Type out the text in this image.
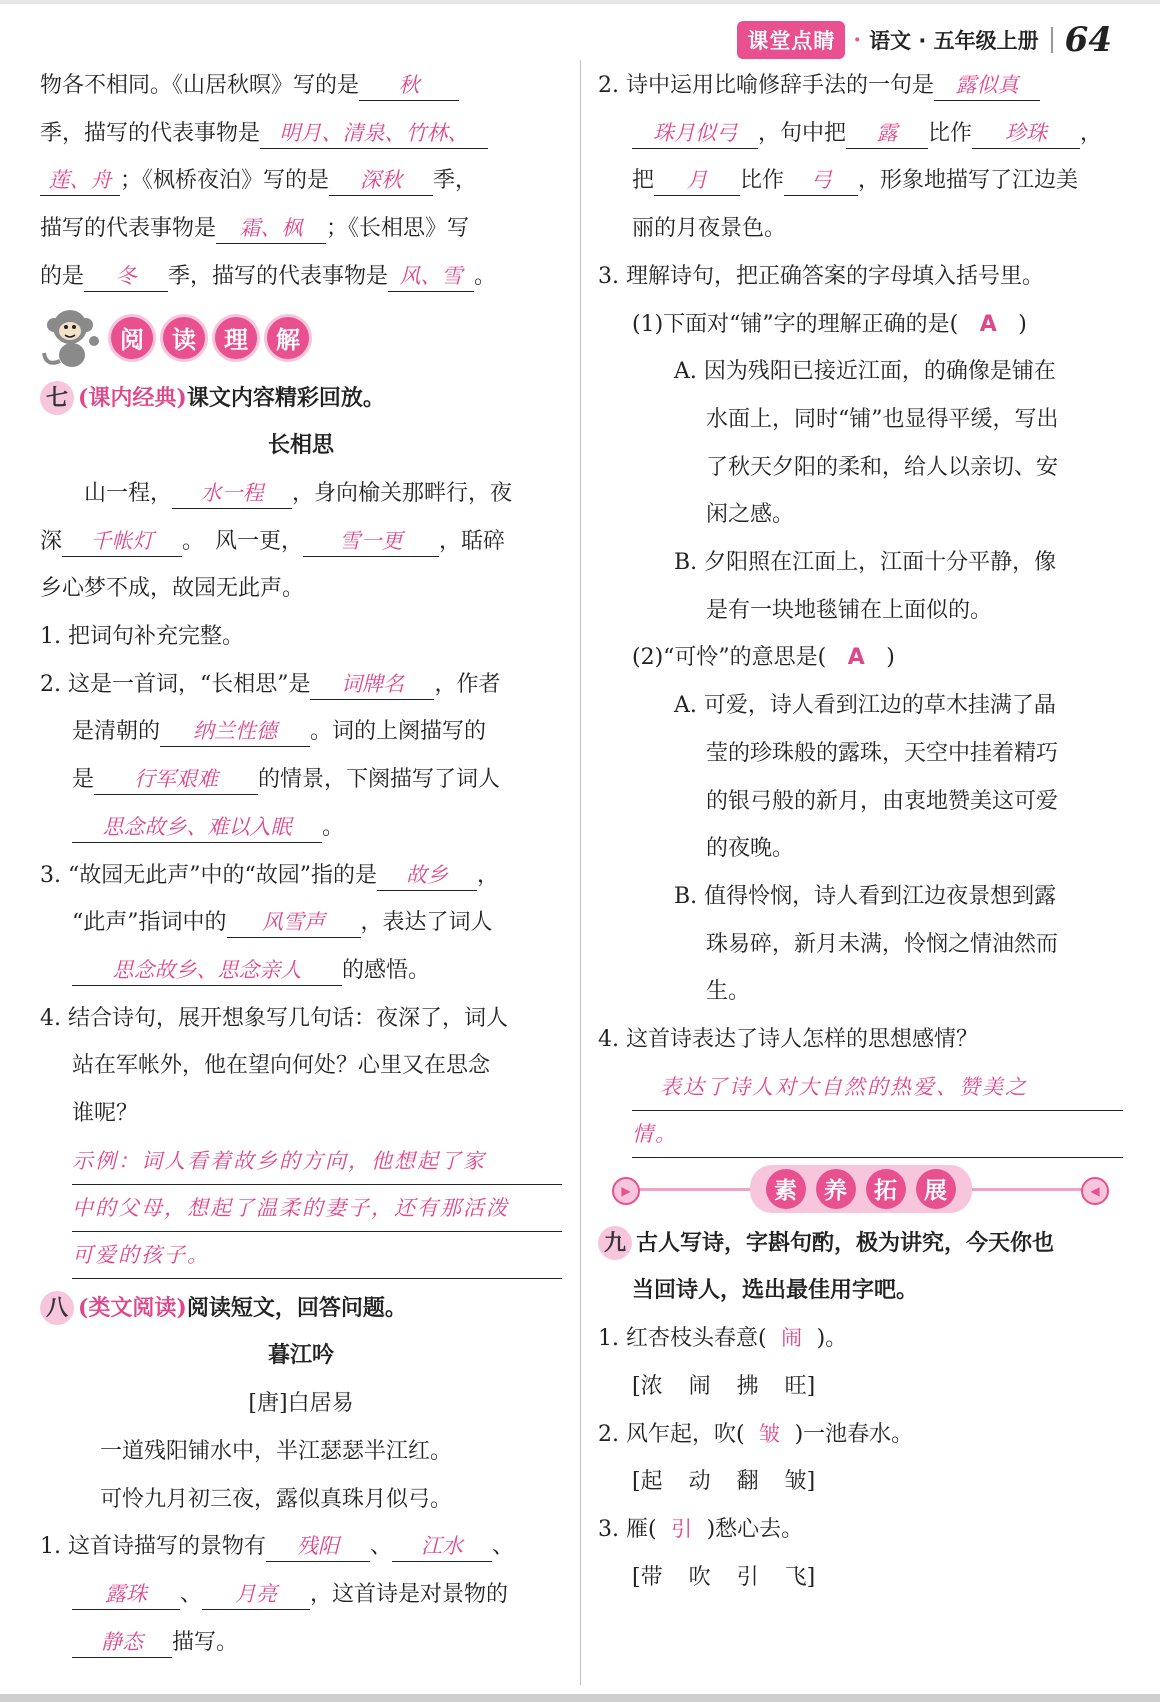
课堂点睛 · 语文 · 五年级上册 64
物各不相同。《山居秋暝》写的是 秋
季，描写的代表事物是 明月、清泉、竹林、
莲、舟 ；《枫桥夜泊》写的是 深秋 季，
描写的代表事物是 霜、枫 ；《长相思》写
的是 冬 季，描写的代表事物是 风、雪 。
阅	读	理	解
七 (课内经典)课文内容精彩回放。
长相思
山一程， 水一程 ，身向榆关那畔行，夜
深 千帐灯 。　风一更， 雪一更 ，聒碎
乡心梦不成，故园无此声。
1. 把词句补充完整。
2. 这是一首词，“长相思”是 词牌名 ，作者
是清朝的 纳兰性德 。词的上阕描写的
是 行军艰难 的情景，下阕描写了词人
思念故乡、难以入眠 。
3. “故园无此声”中的“故园”指的是 故乡 ，
“此声”指词中的 风雪声 ，表达了词人
思念故乡、思念亲人 的感悟。
4. 结合诗句，展开想象写几句话：夜深了，词人
站在军帐外，他在望向何处？心里又在思念
谁呢？
示例：词人看着故乡的方向，他想起了家
中的父母，想起了温柔的妻子，还有那活泼
可爱的孩子。
八 (类文阅读)阅读短文，回答问题。
暮江吟
[唐]白居易
一道残阳铺水中，半江瑟瑟半江红。
可怜九月初三夜，露似真珠月似弓。
1. 这首诗描写的景物有 残阳 、 江水 、
露珠 、 月亮 ，这首诗是对景物的
静态 描写。
2. 诗中运用比喻修辞手法的一句是 露似真
珠月似弓 ，句中把 露 比作 珍珠 ，
把 月 比作 弓 ，形象地描写了江边美
丽的月夜景色。
3. 理解诗句，把正确答案的字母填入括号里。
(1)下面对“铺”字的理解正确的是( A )
A. 因为残阳已接近江面，的确像是铺在
水面上，同时“铺”也显得平缓，写出
了秋天夕阳的柔和，给人以亲切、安
闲之感。
B. 夕阳照在江面上，江面十分平静，像
是有一块地毯铺在上面似的。
(2)“可怜”的意思是( A )
A. 可爱，诗人看到江边的草木挂满了晶
莹的珍珠般的露珠，天空中挂着精巧
的银弓般的新月，由衷地赞美这可爱
的夜晚。
B. 值得怜悯，诗人看到江边夜景想到露
珠易碎，新月未满，怜悯之情油然而
生。
4. 这首诗表达了诗人怎样的思想感情？
表达了诗人对大自然的热爱、赞美之
情。
▶	◀
素	养	拓	展
九 古人写诗，字斟句酌，极为讲究，今天你也
当回诗人，选出最佳用字吧。
1. 红杏枝头春意( 闹 )。
[浓 闹 拂 旺]
2. 风乍起，吹( 皱 )一池春水。
[起 动 翻 皱]
3. 雁( 引 )愁心去。
[带 吹 引 飞]
